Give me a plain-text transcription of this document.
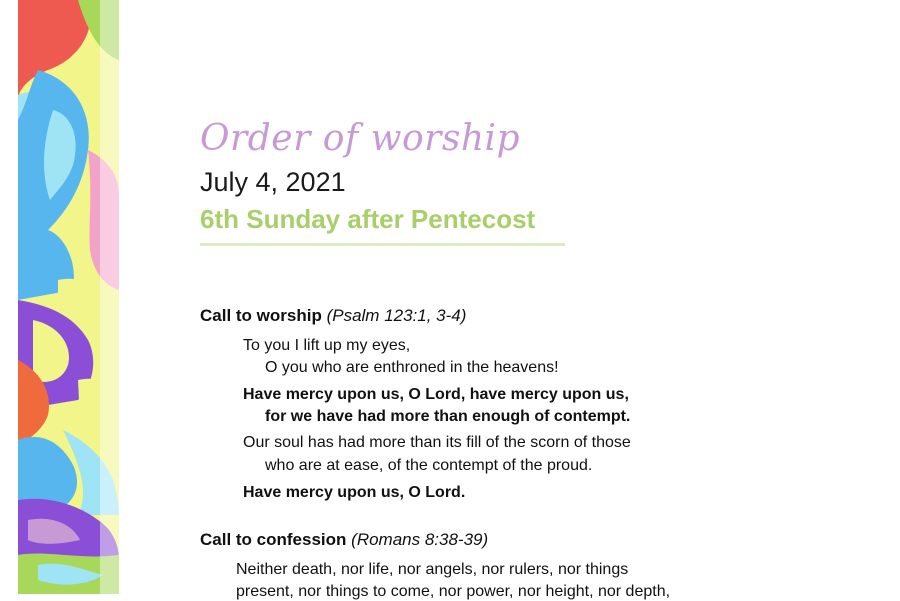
Order of worship
July 4, 2021
6th Sunday after Pentecost
Call to worship (Psalm 123:1, 3-4)
To you I lift up my eyes,
O you who are enthroned in the heavens!
Have mercy upon us, O Lord, have mercy upon us,
for we have had more than enough of contempt.
Our soul has had more than its fill of the scorn of those
who are at ease, of the contempt of the proud.
Have mercy upon us, O Lord.
Call to confession (Romans 8:38-39)
Neither death, nor life, nor angels, nor rulers, nor things
present, nor things to come, nor power, nor height, nor depth,
